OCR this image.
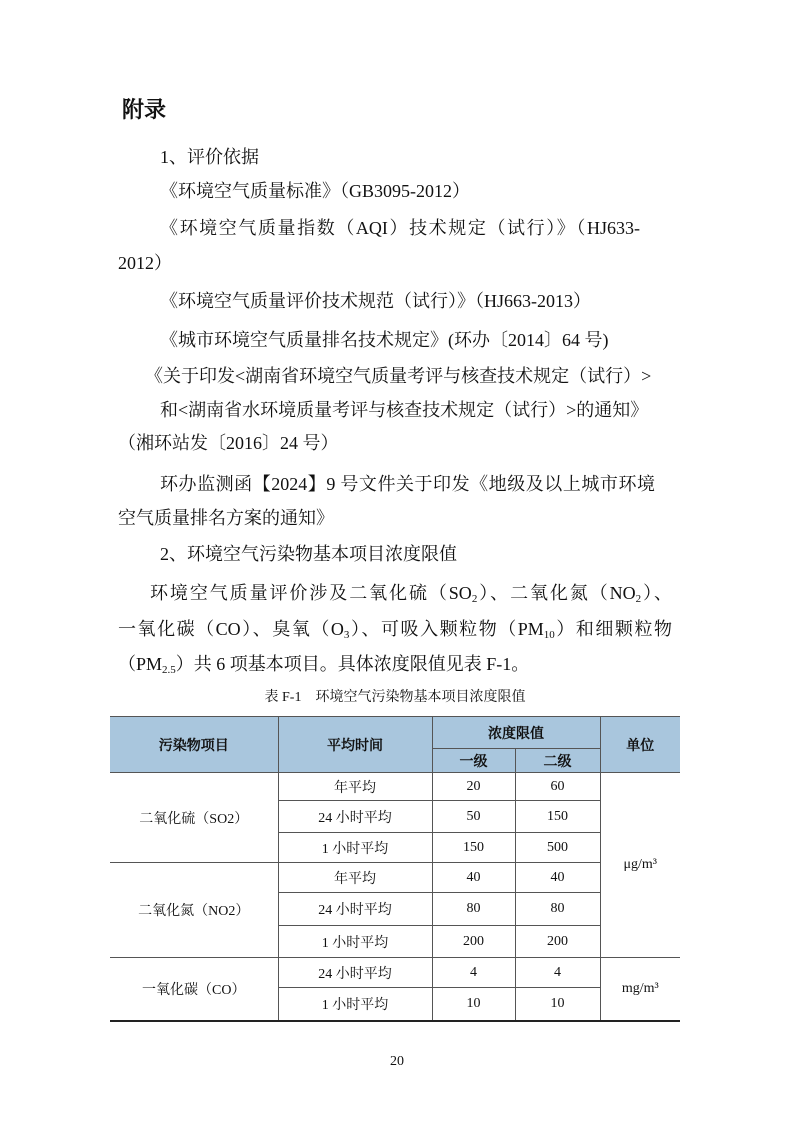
附录
1、评价依据
《环境空气质量标准》（GB3095-2012）
《环境空气质量指数（AQI）技术规定（试行）》（HJ633-
2012）
《环境空气质量评价技术规范（试行）》（HJ663-2013）
《城市环境空气质量排名技术规定》(环办〔2014〕64 号)
《关于印发<湖南省环境空气质量考评与核查技术规定（试行）>
和<湖南省水环境质量考评与核查技术规定（试行）>的通知》
（湘环站发〔2016〕24 号）
环办监测函【2024】9 号文件关于印发《地级及以上城市环境
空气质量排名方案的通知》
2、环境空气污染物基本项目浓度限值
环境空气质量评价涉及二氧化硫$(SO_2)$、二氧化氮$(NO_2)$、
一氧化碳（CO）、臭氧$(O_3)$、可吸入颗粒物$(PM_{10})$和细颗粒物
$(PM_{2.5})$共 6 项基本项目。具体浓度限值见表 F-1。
表 F-1　环境空气污染物基本项目浓度限值
污染物项目	平均时间	浓度限值		单位
		一级	二级	
二氧化硫（SO2）	年平均	20	60	μg/m³
	24 小时平均	50	150	
	1 小时平均	150	500	
二氧化氮（NO2）	年平均	40	40	
	24 小时平均	80	80	
	1 小时平均	200	200	
一氧化碳（CO）	24 小时平均	4	4	mg/m³
	1 小时平均	10	10	
20
